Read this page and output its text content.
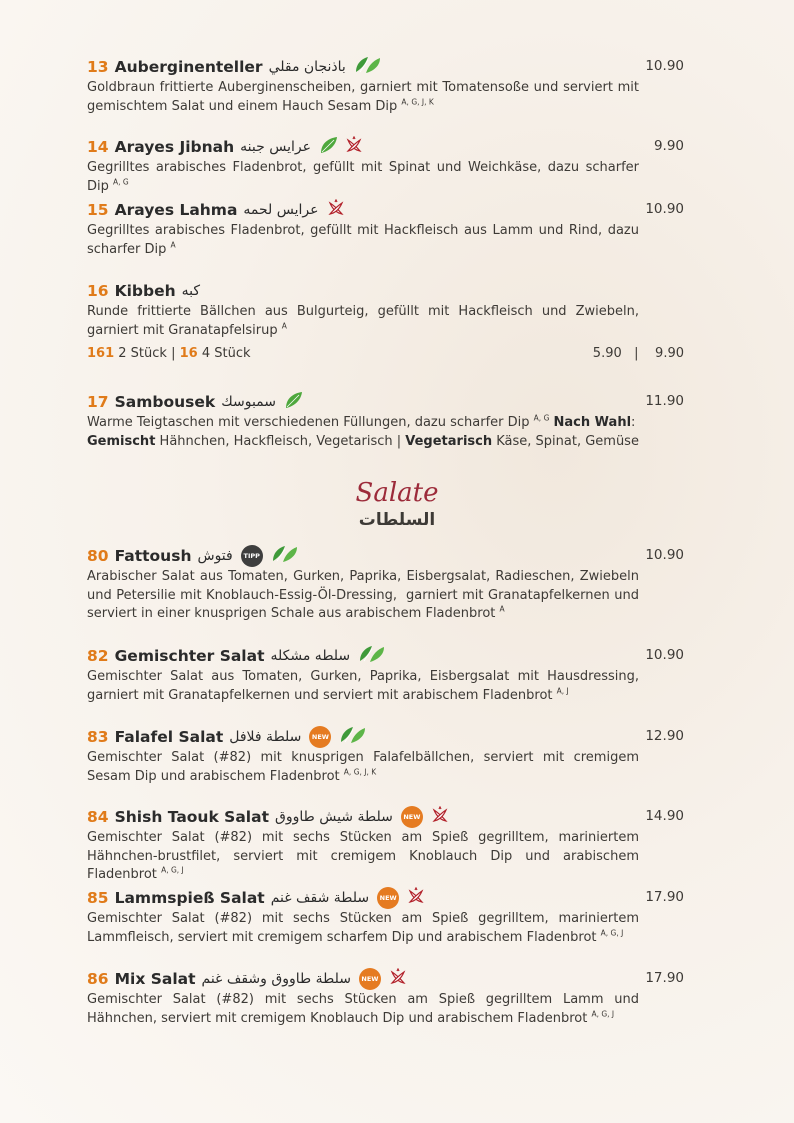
13 Auberginenteller باذنجان مقلي	10.90
Goldbraun frittierte Auberginenscheiben, garniert mit Tomatensoße und serviert mit gemischtem Salat und einem Hauch Sesam Dip $^{A, G, J, K}$
14 Arayes Jibnah عرايس جبنه	9.90
Gegrilltes arabisches Fladenbrot, gefüllt mit Spinat und Weichkäse, dazu scharfer Dip $^{A, G}$
15 Arayes Lahma عرايس لحمه	10.90
Gegrilltes arabisches Fladenbrot, gefüllt mit Hackfleisch aus Lamm und Rind, dazu scharfer Dip $^A$
16 Kibbeh كبه
Runde frittierte Bällchen aus Bulgurteig, gefüllt mit Hackfleisch und Zwiebeln, garniert mit Granatapfelsirup $^A$
161 2 Stück | 16 4 Stück	5.90   |    9.90
17 Sambousek سمبوسك	11.90
Warme Teigtaschen mit verschiedenen Füllungen, dazu scharfer Dip $^{A, G}$ Nach Wahl:
Gemischt Hähnchen, Hackfleisch, Vegetarisch | Vegetarisch Käse, Spinat, Gemüse
Salate
السلطات
80 Fattoush فتوش	TIPP	10.90
Arabischer Salat aus Tomaten, Gurken, Paprika, Eisbergsalat, Radieschen, Zwiebeln und Petersilie mit Knoblauch-Essig-Öl-Dressing,  garniert mit Granatapfelkernen und serviert in einer knusprigen Schale aus arabischem Fladenbrot $^A$
82 Gemischter Salat سلطه مشكله	10.90
Gemischter Salat aus Tomaten, Gurken, Paprika, Eisbergsalat mit Hausdressing, garniert mit Granatapfelkernen und serviert mit arabischem Fladenbrot $^{A, J}$
83 Falafel Salat سلطة فلافل	NEW	12.90
Gemischter Salat (#82) mit knusprigen Falafelbällchen, serviert mit cremigem Sesam Dip und arabischem Fladenbrot $^{A, G, J, K}$
84 Shish Taouk Salat سلطة شيش طاووق	NEW	14.90
Gemischter Salat (#82) mit sechs Stücken am Spieß gegrilltem, mariniertem Hähnchen-brustfilet, serviert mit cremigem Knoblauch Dip und arabischem Fladenbrot $^{A, G, J}$
85 Lammspieß Salat سلطة شقف غنم	NEW	17.90
Gemischter Salat (#82) mit sechs Stücken am Spieß gegrilltem, mariniertem Lammfleisch, serviert mit cremigem scharfem Dip und arabischem Fladenbrot $^{A, G, J}$
86 Mix Salat سلطة طاووق وشقف غنم	NEW	17.90
Gemischter Salat (#82) mit sechs Stücken am Spieß gegrilltem Lamm und Hähnchen, serviert mit cremigem Knoblauch Dip und arabischem Fladenbrot $^{A, G, J}$
